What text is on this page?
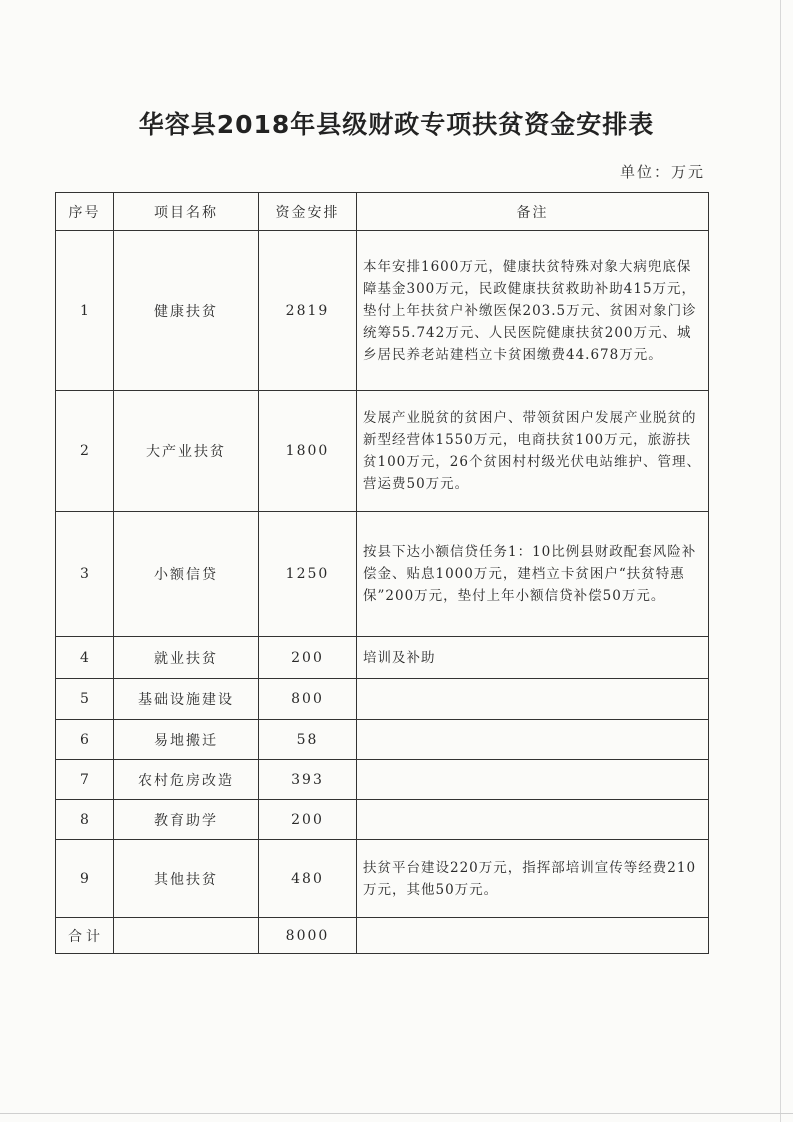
华容县2018年县级财政专项扶贫资金安排表
单位：万元
序号	项目名称	资金安排	备注
1	健康扶贫	2819	本年安排1600万元，健康扶贫特殊对象大病兜底保障基金300万元，民政健康扶贫救助补助415万元，垫付上年扶贫户补缴医保203.5万元、贫困对象门诊统筹55.742万元、人民医院健康扶贫200万元、城乡居民养老站建档立卡贫困缴费44.678万元。
2	大产业扶贫	1800	发展产业脱贫的贫困户、带领贫困户发展产业脱贫的新型经营体1550万元，电商扶贫100万元，旅游扶贫100万元，26个贫困村村级光伏电站维护、管理、营运费50万元。
3	小额信贷	1250	按县下达小额信贷任务1：10比例县财政配套风险补偿金、贴息1000万元，建档立卡贫困户“扶贫特惠保”200万元，垫付上年小额信贷补偿50万元。
4	就业扶贫	200	培训及补助
5	基础设施建设	800	
6	易地搬迁	58	
7	农村危房改造	393	
8	教育助学	200	
9	其他扶贫	480	扶贫平台建设220万元，指挥部培训宣传等经费210万元，其他50万元。
合计		8000	
